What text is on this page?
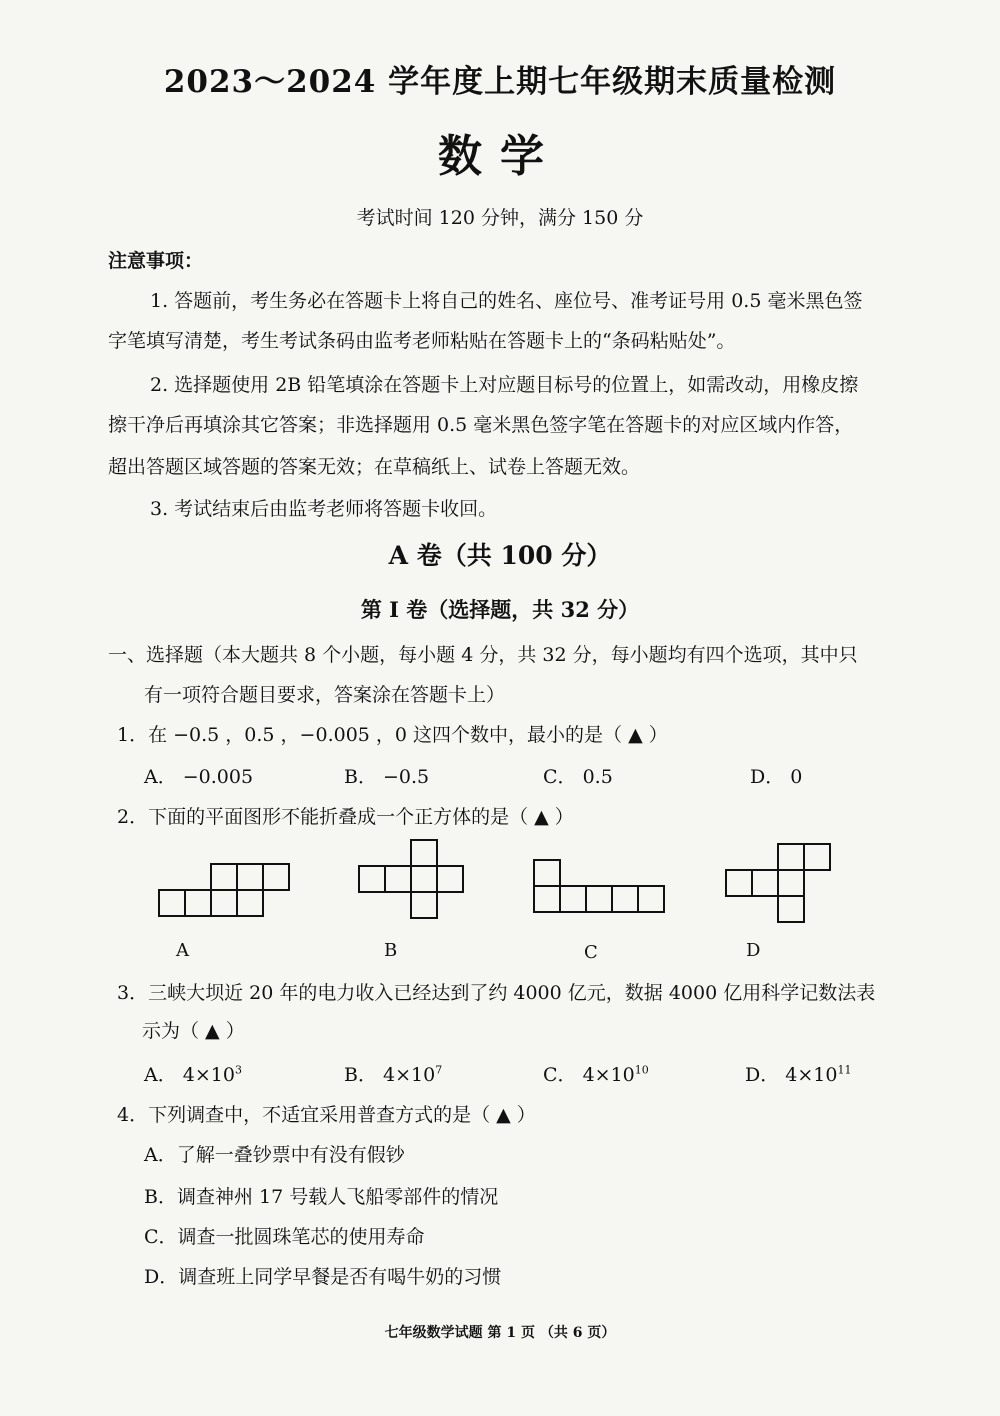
2023～2024 学年度上期七年级期末质量检测
数学
考试时间 120 分钟，满分 150 分
注意事项：
1. 答题前，考生务必在答题卡上将自己的姓名、座位号、准考证号用 0.5 毫米黑色签
字笔填写清楚，考生考试条码由监考老师粘贴在答题卡上的“条码粘贴处”。
2. 选择题使用 2B 铅笔填涂在答题卡上对应题目标号的位置上，如需改动，用橡皮擦
擦干净后再填涂其它答案；非选择题用 0.5 毫米黑色签字笔在答题卡的对应区域内作答，
超出答题区域答题的答案无效；在草稿纸上、试卷上答题无效。
3. 考试结束后由监考老师将答题卡收回。
A 卷（共 100 分）
第 I 卷（选择题，共 32 分）
一、选择题（本大题共 8 个小题，每小题 4 分，共 32 分，每小题均有四个选项，其中只
有一项符合题目要求，答案涂在答题卡上）
1．在 −0.5 ，0.5 ，−0.005 ，0 这四个数中，最小的是（ ▲ ）
A． −0.005	B． −0.5	C． 0.5	D． 0
2．下面的平面图形不能折叠成一个正方体的是（ ▲ ）
A	B	C	D
3．三峡大坝近 20 年的电力收入已经达到了约 4000 亿元，数据 4000 亿用科学记数法表
示为（ ▲ ）
A． $4\times 10^3$	B． $4\times 10^7$	C． $4\times 10^{10}$	D． $4\times 10^{11}$
4．下列调查中，不适宜采用普查方式的是（ ▲ ）
A．了解一叠钞票中有没有假钞
B．调查神州 17 号载人飞船零部件的情况
C．调查一批圆珠笔芯的使用寿命
D．调查班上同学早餐是否有喝牛奶的习惯
七年级数学试题 第 1 页 （共 6 页）
